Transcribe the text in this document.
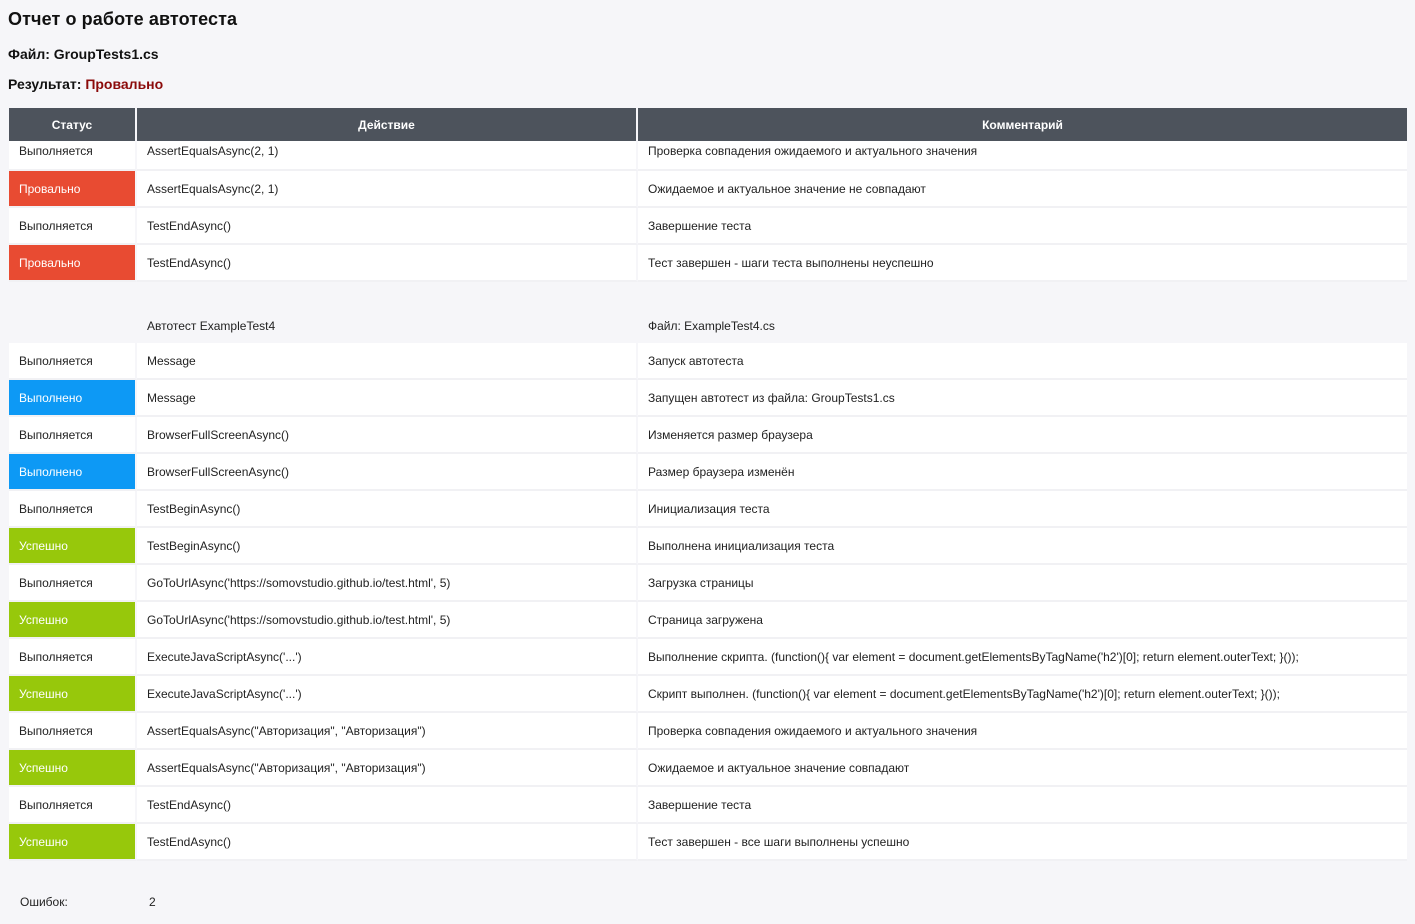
Отчет о работе автотеста

Файл: GroupTests1.cs

Результат: Провально

Статус	Действие	Комментарий
Выполняется	AssertEqualsAsync(2, 1)	Проверка совпадения ожидаемого и актуального значения
Провально	AssertEqualsAsync(2, 1)	Ожидаемое и актуальное значение не совпадают
Выполняется	TestEndAsync()	Завершение теста
Провально	TestEndAsync()	Тест завершен - шаги теста выполнены неуспешно

	Автотест ExampleTest4	Файл: ExampleTest4.cs
Выполняется	Message	Запуск автотеста
Выполнено	Message	Запущен автотест из файла: GroupTests1.cs
Выполняется	BrowserFullScreenAsync()	Изменяется размер браузера
Выполнено	BrowserFullScreenAsync()	Размер браузера изменён
Выполняется	TestBeginAsync()	Инициализация теста
Успешно	TestBeginAsync()	Выполнена инициализация теста
Выполняется	GoToUrlAsync('https://somovstudio.github.io/test.html', 5)	Загрузка страницы
Успешно	GoToUrlAsync('https://somovstudio.github.io/test.html', 5)	Страница загружена
Выполняется	ExecuteJavaScriptAsync('...')	Выполнение скрипта. (function(){ var element = document.getElementsByTagName('h2')[0]; return element.outerText; }());
Успешно	ExecuteJavaScriptAsync('...')	Скрипт выполнен. (function(){ var element = document.getElementsByTagName('h2')[0]; return element.outerText; }());
Выполняется	AssertEqualsAsync("Авторизация", "Авторизация")	Проверка совпадения ожидаемого и актуального значения
Успешно	AssertEqualsAsync("Авторизация", "Авторизация")	Ожидаемое и актуальное значение совпадают
Выполняется	TestEndAsync()	Завершение теста
Успешно	TestEndAsync()	Тест завершен - все шаги выполнены успешно
Ошибок:	2
